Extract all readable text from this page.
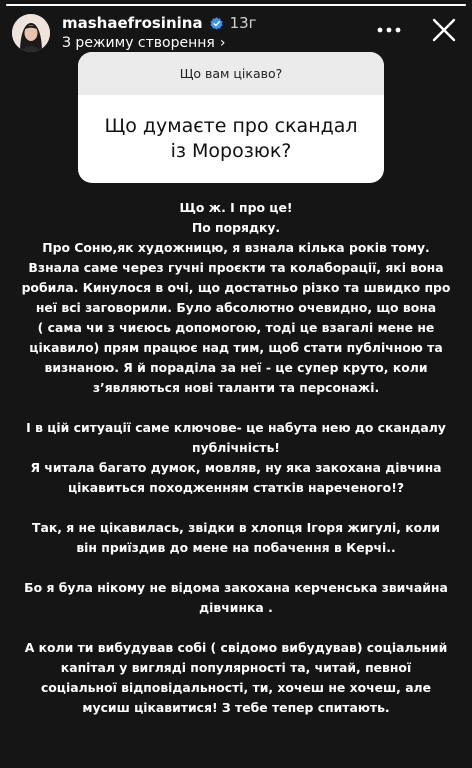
mashaefrosinina 13г
З режиму створення ›
Що вам цікаво?
Що думаєте про скандал
із Морозюк?

Що ж. І про це!
По порядку.
Про Соню,як художницю, я взнала кілька років тому.
Взнала саме через гучні проєкти та колаборації, які вона
робила. Кинулося в очі, що достатньо різко та швидко про
неї всі заговорили. Було абсолютно очевидно, що вона
( сама чи з чиєюсь допомогою, тоді це взагалі мене не
цікавило) прям працює над тим, щоб стати публічною та
визнаною. Я й пораділа за неї - це супер круто, коли
з’являються нові таланти та персонажі.

І в цій ситуації саме ключове- це набута нею до скандалу
публічність!
Я читала багато думок, мовляв, ну яка закохана дівчина
цікавиться походженням статків нареченого!?

Так, я не цікавилась, звідки в хлопця Ігоря жигулі, коли
він приїздив до мене на побачення в Керчі..

Бо я була нікому не відома закохана керченська звичайна
дівчинка .

А коли ти вибудував собі ( свідомо вибудував) соціальний
капітал у вигляді популярності та, читай, певної
соціальної відповідальності, ти, хочеш не хочеш, але
мусиш цікавитися! З тебе тепер спитають.
